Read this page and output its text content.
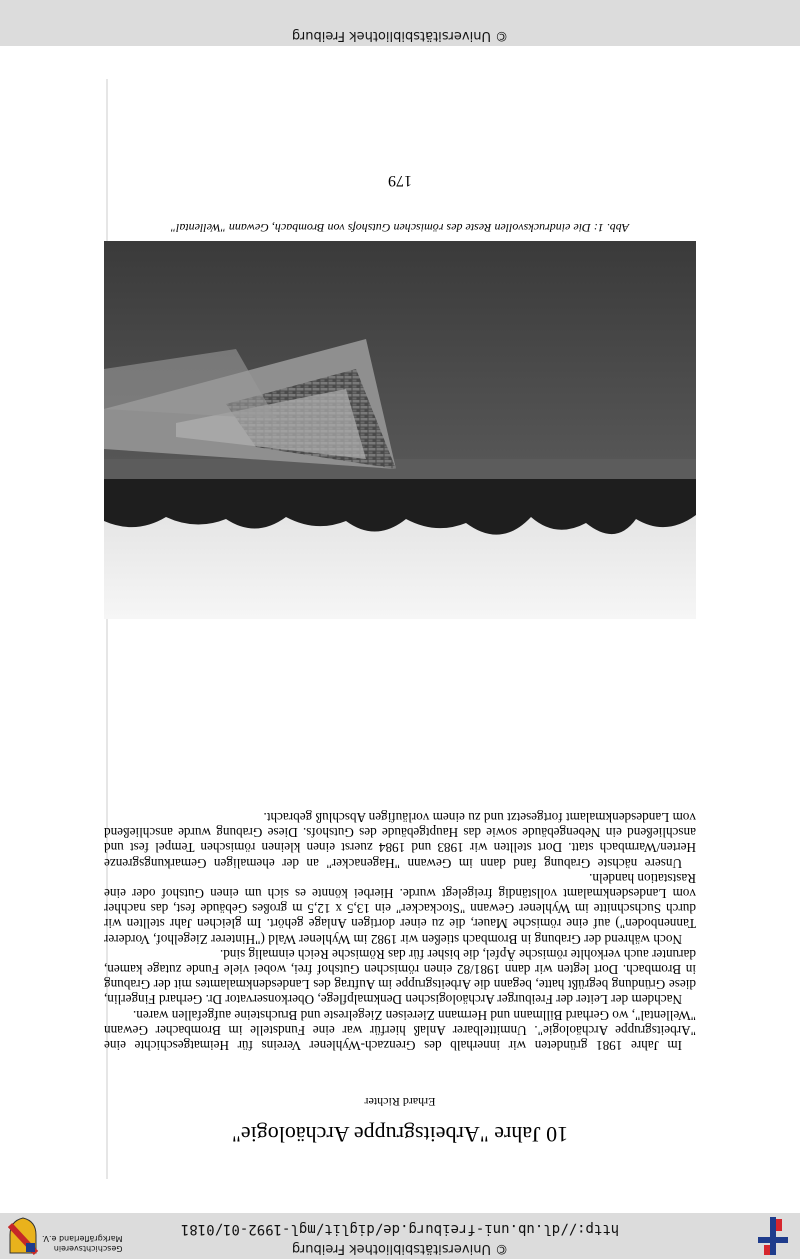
© Universitätsbibliothek Freiburg
http://dl.ub.uni-freiburg.de/diglit/mgl-1992-01/0181
Geschichtsverein
Markgräflerland e.V.
10 Jahre "Arbeitsgruppe Archäologie"
Erhard Richter

Im Jahre 1981 gründeten wir innerhalb des Grenzach-Wyhlener Vereins für Heimatgeschichte eine "Arbeitsgruppe Archäologie". Unmittelbarer Anlaß hierfür war eine Fundstelle im Brombacher Gewann "Wellental", wo Gerhard Billmann und Hermann Ziereisen Ziegelreste und Bruchsteine aufgefallen waren.

Nachdem der Leiter der Freiburger Archäologischen Denkmalpflege, Oberkonservator Dr. Gerhard Fingerlin, diese Gründung begrüßt hatte, begann die Arbeitsgruppe im Auftrag des Landesdenkmalamtes mit der Grabung in Brombach. Dort legten wir dann 1981/82 einen römischen Gutshof frei, wobei viele Funde zutage kamen, darunter auch verkohlte römische Äpfel, die bisher für das Römische Reich einmalig sind.

Noch während der Grabung in Brombach stießen wir 1982 im Wyhlener Wald ("Hinterer Ziegelhof, Vorderer Tannenboden") auf eine römische Mauer, die zu einer dortigen Anlage gehört. Im gleichen Jahr stellten wir durch Suchschnitte im Wyhlener Gewann "Stockacker" ein 13,5 x 12,5 m großes Gebäude fest, das nachher vom Landesdenkmalamt vollständig freigelegt wurde. Hierbei könnte es sich um einen Gutshof oder eine Raststation handeln.

Unsere nächste Grabung fand dann im Gewann "Hagenacker" an der ehemaligen Gemarkungsgrenze Herten/Warmbach statt. Dort stellten wir 1983 und 1984 zuerst einen kleinen römischen Tempel fest und anschließend ein Nebengebäude sowie das Hauptgebäude des Gutshofs. Diese Grabung wurde anschließend vom Landesdenkmalamt fortgesetzt und zu einem vorläufigen Abschluß gebracht.

Abb. 1: Die eindrucksvollen Reste des römischen Gutshofs von Brombach, Gewann "Wellental"
179
© Universitätsbibliothek Freiburg
